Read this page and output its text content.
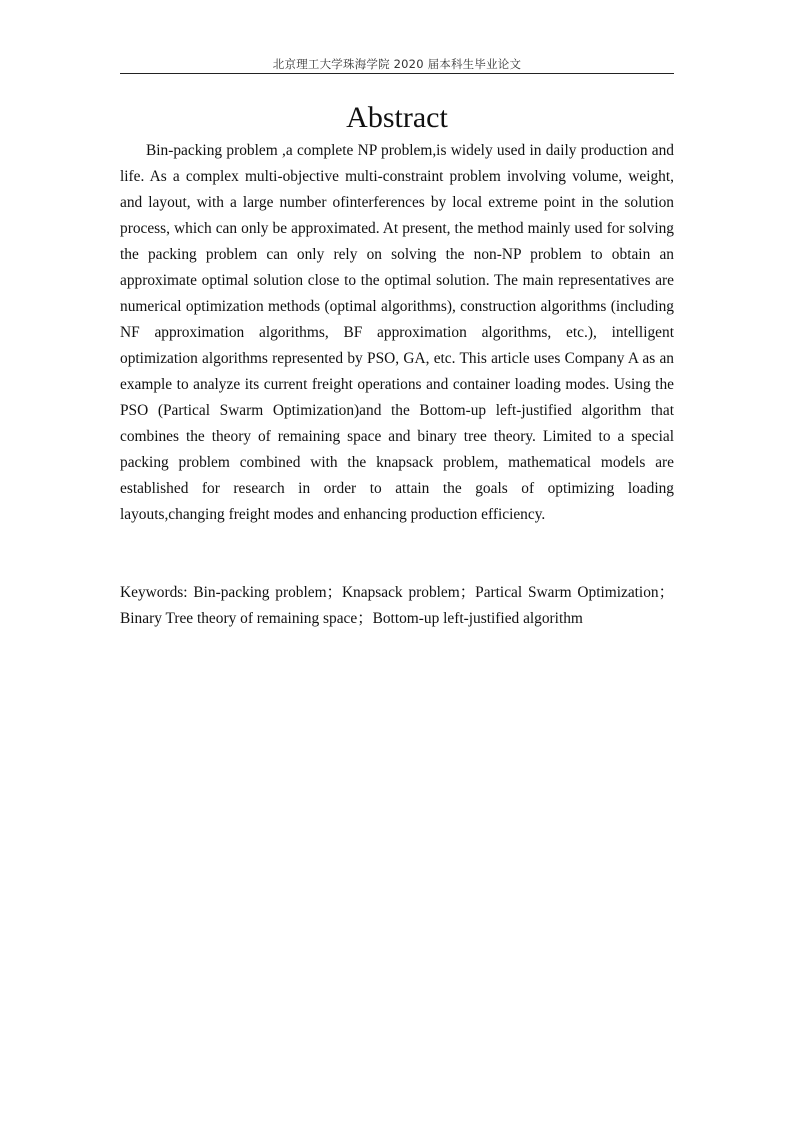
北京理工大学珠海学院 2020 届本科生毕业论文
Abstract

Bin-packing problem ,a complete NP problem,is widely used in daily production and life. As a complex multi-objective multi-constraint problem involving volume, weight, and layout, with a large number ofinterferences by local extreme point in the solution process, which can only be approximated. At present, the method mainly used for solving the packing problem can only rely on solving the non-NP problem to obtain an approximate optimal solution close to the optimal solution. The main representatives are numerical optimization methods (optimal algorithms), construction algorithms (including NF approximation algorithms, BF approximation algorithms, etc.), intelligent optimization algorithms represented by PSO, GA, etc. This article uses Company A as an example to analyze its current freight operations and container loading modes. Using the PSO (Partical Swarm Optimization)and the Bottom-up left-justified algorithm that combines the theory of remaining space and binary tree theory. Limited to a special packing problem combined with the knapsack problem, mathematical models are established for research in order to attain the goals of optimizing loading layouts,changing freight modes and enhancing production efficiency.

Keywords: Bin-packing problem；Knapsack problem；Partical Swarm Optimization；Binary Tree theory of remaining space；Bottom-up left-justified algorithm
